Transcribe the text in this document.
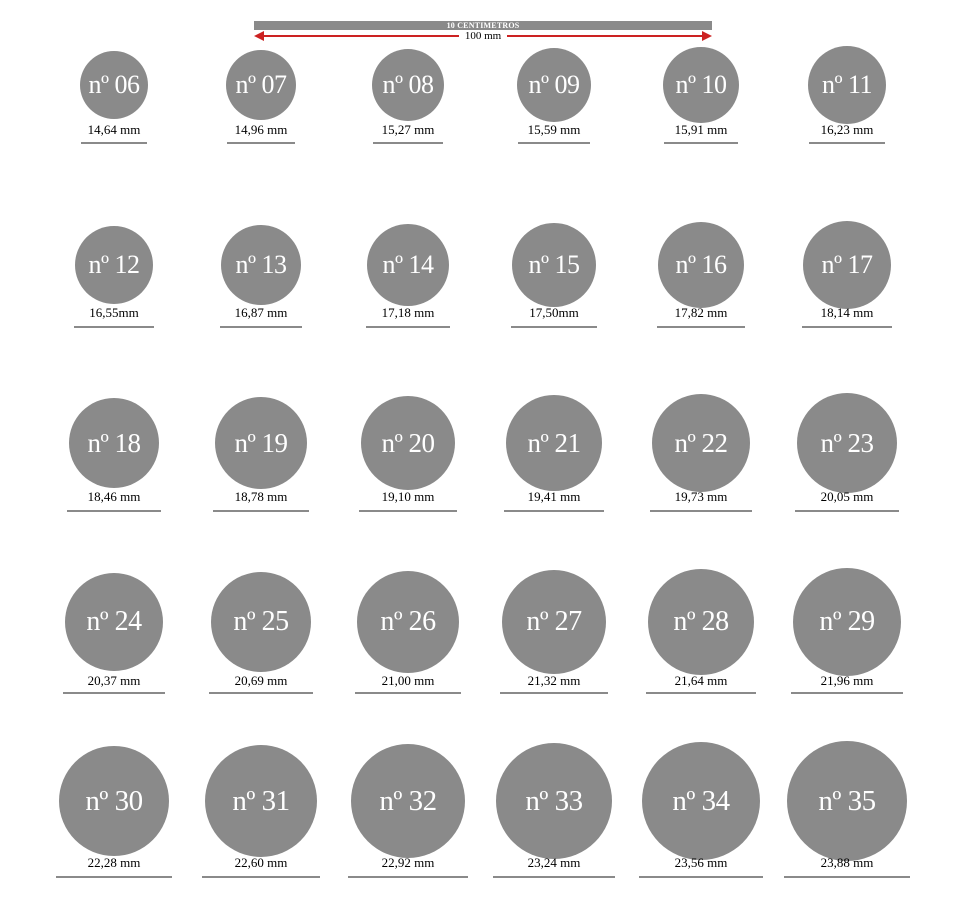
10 CENTIMETROS
100 mm
nº 06
14,64 mm
nº 07
14,96 mm
nº 08
15,27 mm
nº 09
15,59 mm
nº 10
15,91 mm
nº 11
16,23 mm
nº 12
16,55mm
nº 13
16,87 mm
nº 14
17,18 mm
nº 15
17,50mm
nº 16
17,82 mm
nº 17
18,14 mm
nº 18
18,46 mm
nº 19
18,78 mm
nº 20
19,10 mm
nº 21
19,41 mm
nº 22
19,73 mm
nº 23
20,05 mm
nº 24
20,37 mm
nº 25
20,69 mm
nº 26
21,00 mm
nº 27
21,32 mm
nº 28
21,64 mm
nº 29
21,96 mm
nº 30
22,28 mm
nº 31
22,60 mm
nº 32
22,92 mm
nº 33
23,24 mm
nº 34
23,56 mm
nº 35
23,88 mm
